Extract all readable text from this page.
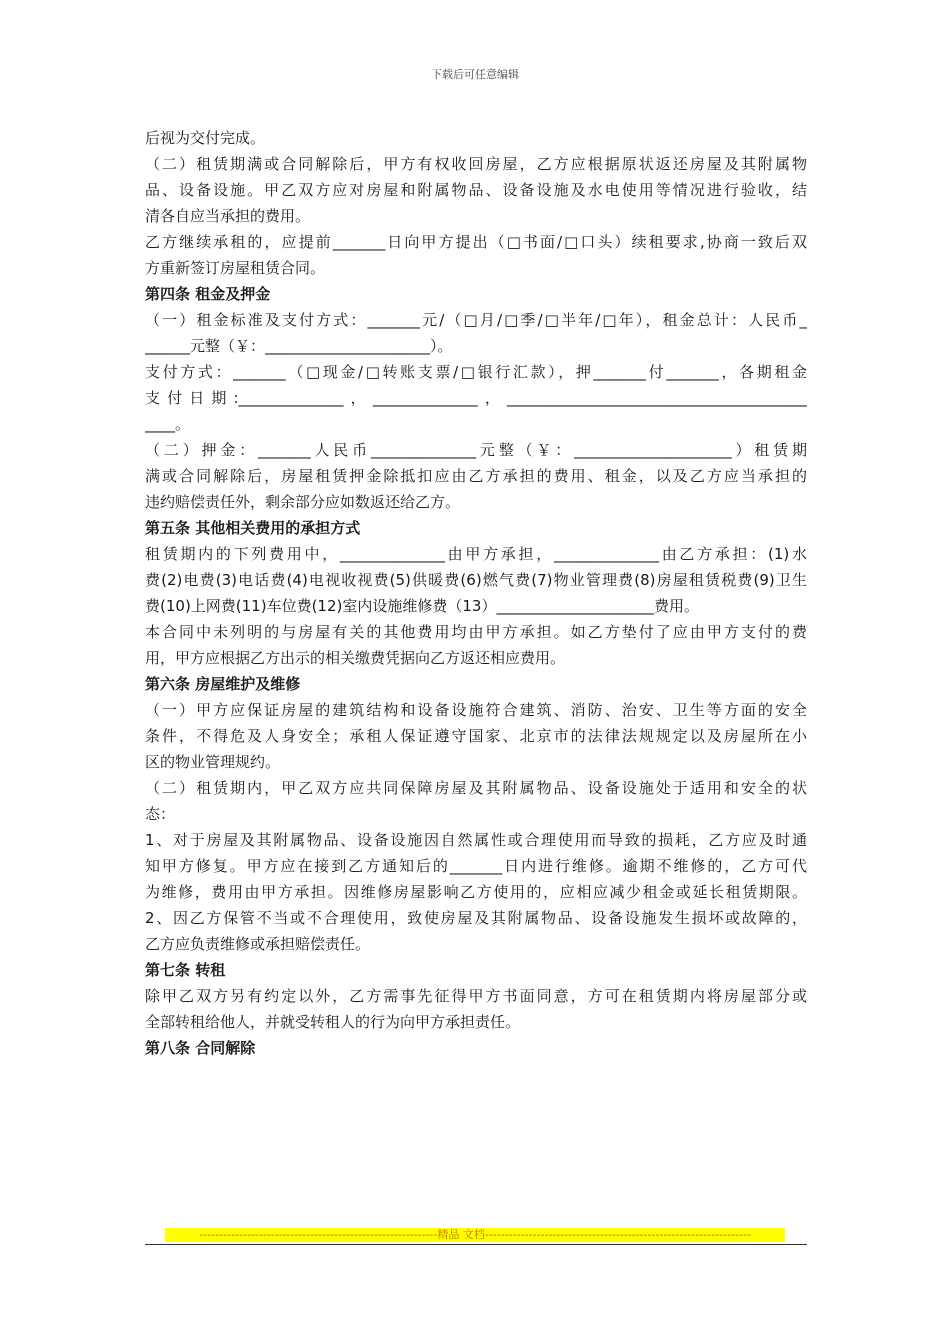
下载后可任意编辑
后视为交付完成。
（二）租赁期满或合同解除后，甲方有权收回房屋，乙方应根据原状返还房屋及其附属物
品、设备设施。甲乙双方应对房屋和附属物品、设备设施及水电使用等情况进行验收，结
清各自应当承担的费用。
乙方继续承租的，应提前_______日向甲方提出（□书面/□口头）续租要求,协商一致后双
方重新签订房屋租赁合同。
第四条 租金及押金
（一）租金标准及支付方式：_______元/（□月/□季/□半年/□年），租金总计：人民币_
______元整（￥：______________________）。
支付方式：_______（□现金/□转账支票/□银行汇款），押_______付_______，各期租金
支付日期:______________，______________，________________________________________
____。
（二）押金：_______人民币______________元整（￥：_____________________）租赁期
满或合同解除后，房屋租赁押金除抵扣应由乙方承担的费用、租金，以及乙方应当承担的
违约赔偿责任外，剩余部分应如数返还给乙方。
第五条 其他相关费用的承担方式
租赁期内的下列费用中，______________由甲方承担，______________由乙方承担：(1)水
费(2)电费(3)电话费(4)电视收视费(5)供暖费(6)燃气费(7)物业管理费(8)房屋租赁税费(9)卫生
费(10)上网费(11)车位费(12)室内设施维修费（13）_____________________费用。
本合同中未列明的与房屋有关的其他费用均由甲方承担。如乙方垫付了应由甲方支付的费
用，甲方应根据乙方出示的相关缴费凭据向乙方返还相应费用。
第六条 房屋维护及维修
（一）甲方应保证房屋的建筑结构和设备设施符合建筑、消防、治安、卫生等方面的安全
条件，不得危及人身安全；承租人保证遵守国家、北京市的法律法规规定以及房屋所在小
区的物业管理规约。
（二）租赁期内，甲乙双方应共同保障房屋及其附属物品、设备设施处于适用和安全的状
态：
1、对于房屋及其附属物品、设备设施因自然属性或合理使用而导致的损耗，乙方应及时通
知甲方修复。甲方应在接到乙方通知后的_______日内进行维修。逾期不维修的，乙方可代
为维修，费用由甲方承担。因维修房屋影响乙方使用的，应相应减少租金或延长租赁期限。
2、因乙方保管不当或不合理使用，致使房屋及其附属物品、设备设施发生损坏或故障的，
乙方应负责维修或承担赔偿责任。
第七条 转租
除甲乙双方另有约定以外，乙方需事先征得甲方书面同意，方可在租赁期内将房屋部分或
全部转租给他人，并就受转租人的行为向甲方承担责任。
第八条 合同解除
------------------------------------------------------------精品 文档-------------------------------------------------------------------
